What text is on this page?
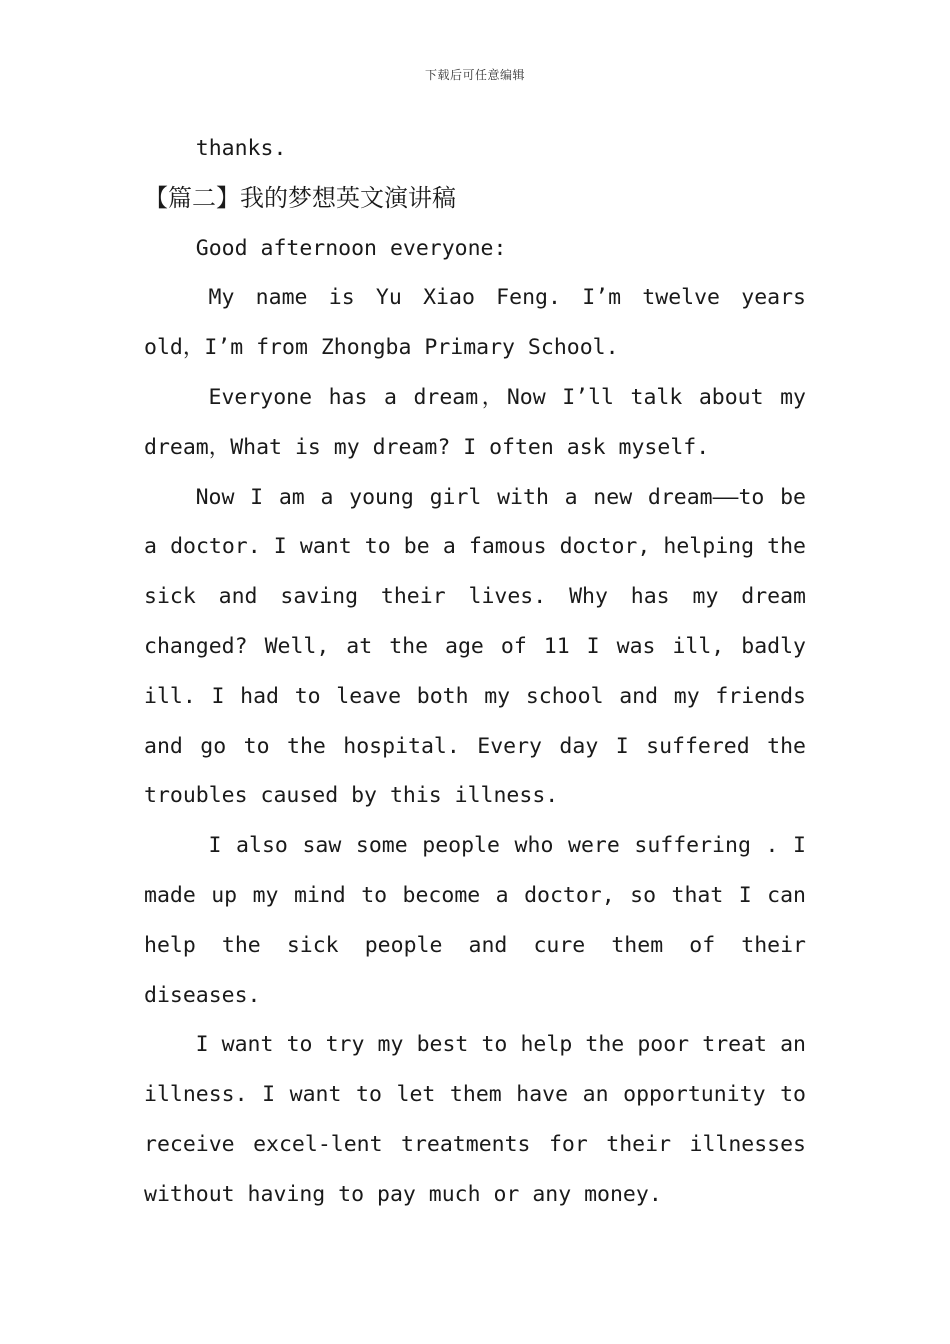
下载后可任意编辑
thanks.
【篇二】我的梦想英文演讲稿
Good afternoon everyone:
My name is Yu Xiao Feng. I’m twelve years
old，I’m from Zhongba Primary School.
Everyone has a dream，Now I’ll talk about my
dream，What is my dream? I often ask myself.
Now I am a young girl with a new dream——to be
a doctor. I want to be a famous doctor, helping the
sick and saving their lives. Why has my dream
changed? Well, at the age of 11 I was ill, badly
ill. I had to leave both my school and my friends
and go to the hospital. Every day I suffered the
troubles caused by this illness.
I also saw some people who were suffering . I
made up my mind to become a doctor, so that I can
help the sick people and cure them of their
diseases.
I want to try my best to help the poor treat an
illness. I want to let them have an opportunity to
receive excel-lent treatments for their illnesses
without having to pay much or any money.
